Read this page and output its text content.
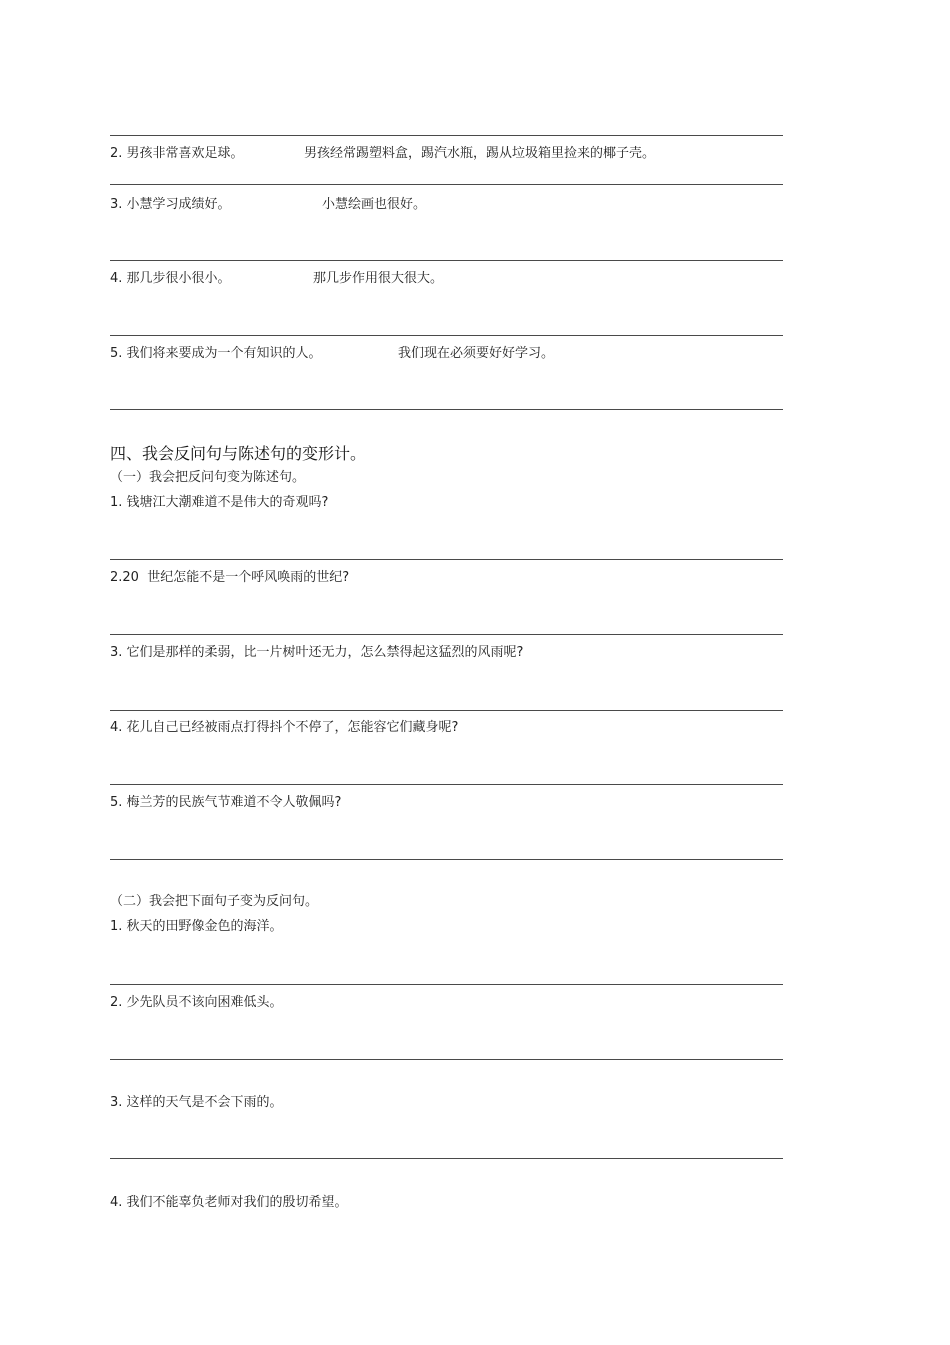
2. 男孩非常喜欢足球。	男孩经常踢塑料盒，踢汽水瓶，踢从垃圾箱里捡来的椰子壳。
3. 小慧学习成绩好。	小慧绘画也很好。
4. 那几步很小很小。	那几步作用很大很大。
5. 我们将来要成为一个有知识的人。	我们现在必须要好好学习。
四、我会反问句与陈述句的变形计。
（一）我会把反问句变为陈述句。
1. 钱塘江大潮难道不是伟大的奇观吗?
2.20  世纪怎能不是一个呼风唤雨的世纪?
3. 它们是那样的柔弱，比一片树叶还无力，怎么禁得起这猛烈的风雨呢?
4. 花儿自己已经被雨点打得抖个不停了，怎能容它们藏身呢?
5. 梅兰芳的民族气节难道不令人敬佩吗?
（二）我会把下面句子变为反问句。
1. 秋天的田野像金色的海洋。
2. 少先队员不该向困难低头。
3. 这样的天气是不会下雨的。
4. 我们不能辜负老师对我们的殷切希望。
